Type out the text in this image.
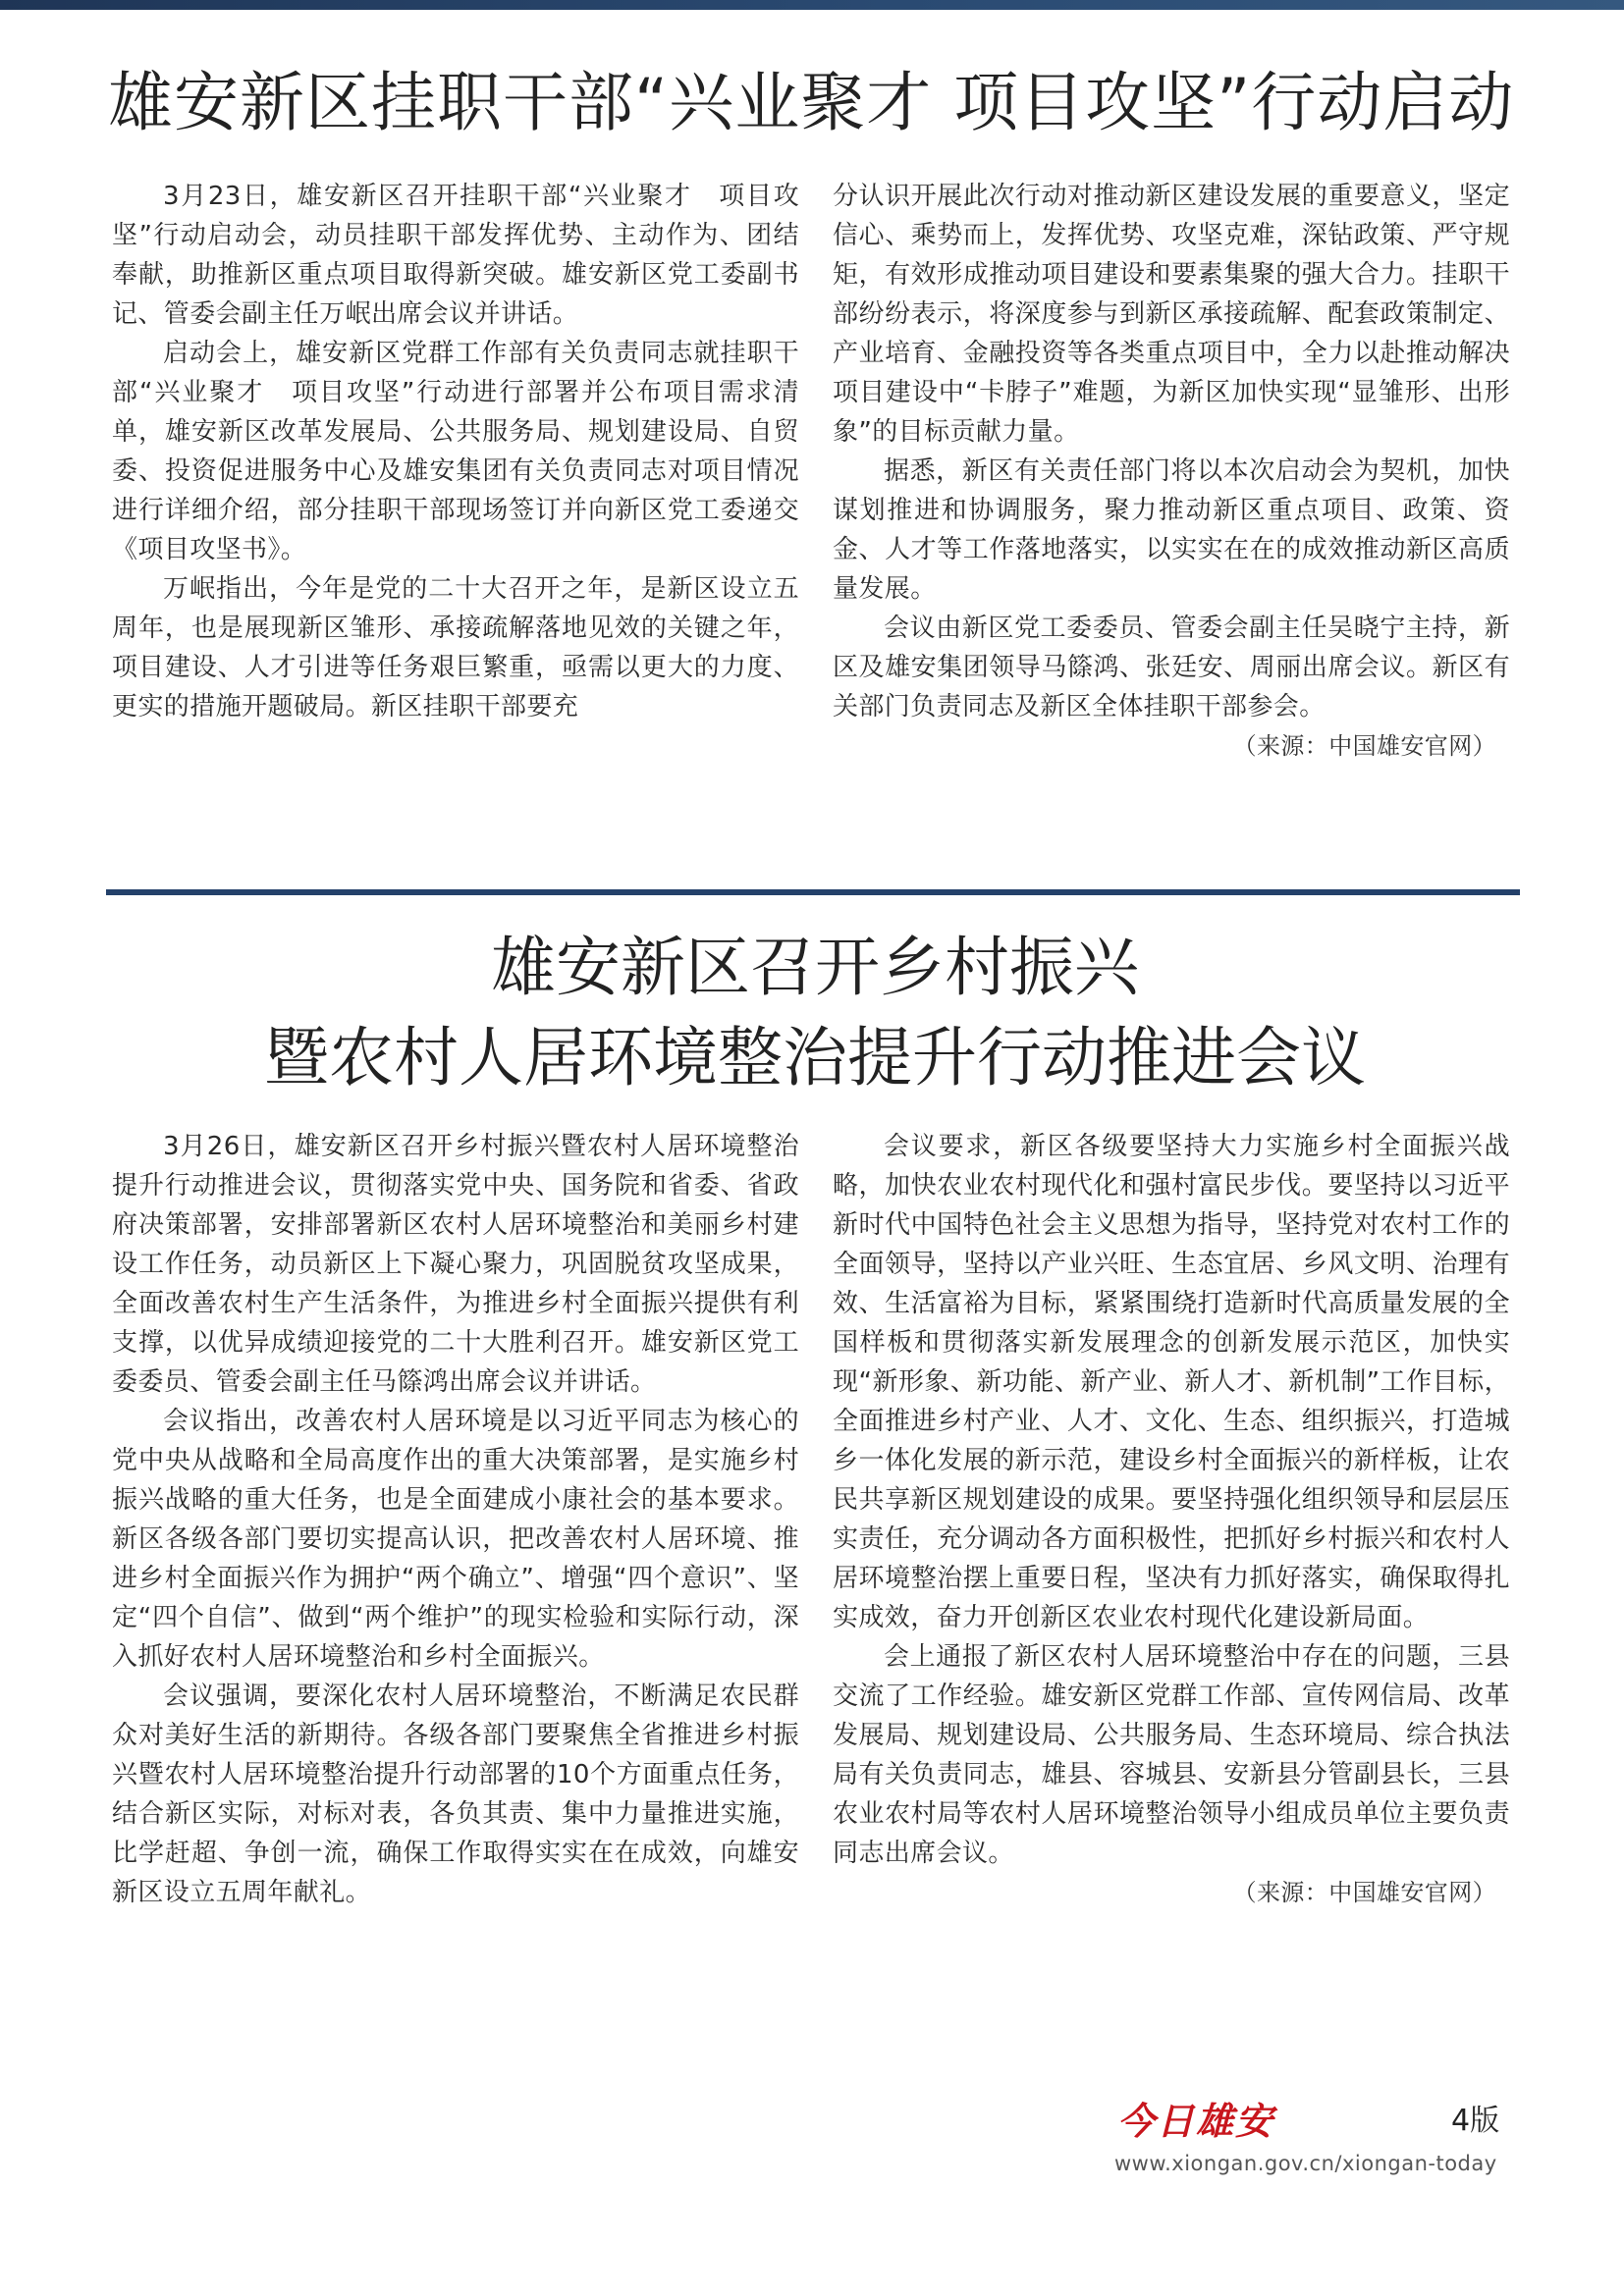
雄安新区挂职干部“兴业聚才 项目攻坚”行动启动

3月23日，雄安新区召开挂职干部“兴业聚才　项目攻坚”行动启动会，动员挂职干部发挥优势、主动作为、团结奉献，助推新区重点项目取得新突破。雄安新区党工委副书记、管委会副主任万岷出席会议并讲话。

启动会上，雄安新区党群工作部有关负责同志就挂职干部“兴业聚才　项目攻坚”行动进行部署并公布项目需求清单，雄安新区改革发展局、公共服务局、规划建设局、自贸委、投资促进服务中心及雄安集团有关负责同志对项目情况进行详细介绍，部分挂职干部现场签订并向新区党工委递交《项目攻坚书》。

万岷指出，今年是党的二十大召开之年，是新区设立五周年，也是展现新区雏形、承接疏解落地见效的关键之年，项目建设、人才引进等任务艰巨繁重，亟需以更大的力度、更实的措施开题破局。新区挂职干部要充

分认识开展此次行动对推动新区建设发展的重要意义，坚定信心、乘势而上，发挥优势、攻坚克难，深钻政策、严守规矩，有效形成推动项目建设和要素集聚的强大合力。挂职干部纷纷表示，将深度参与到新区承接疏解、配套政策制定、产业培育、金融投资等各类重点项目中，全力以赴推动解决项目建设中“卡脖子”难题，为新区加快实现“显雏形、出形象”的目标贡献力量。

据悉，新区有关责任部门将以本次启动会为契机，加快谋划推进和协调服务，聚力推动新区重点项目、政策、资金、人才等工作落地落实，以实实在在的成效推动新区高质量发展。

会议由新区党工委委员、管委会副主任吴晓宁主持，新区及雄安集团领导马篨鸿、张廷安、周丽出席会议。新区有关部门负责同志及新区全体挂职干部参会。

（来源：中国雄安官网）
雄安新区召开乡村振兴
暨农村人居环境整治提升行动推进会议

3月26日，雄安新区召开乡村振兴暨农村人居环境整治提升行动推进会议，贯彻落实党中央、国务院和省委、省政府决策部署，安排部署新区农村人居环境整治和美丽乡村建设工作任务，动员新区上下凝心聚力，巩固脱贫攻坚成果，全面改善农村生产生活条件，为推进乡村全面振兴提供有利支撑，以优异成绩迎接党的二十大胜利召开。雄安新区党工委委员、管委会副主任马篨鸿出席会议并讲话。

会议指出，改善农村人居环境是以习近平同志为核心的党中央从战略和全局高度作出的重大决策部署，是实施乡村振兴战略的重大任务，也是全面建成小康社会的基本要求。新区各级各部门要切实提高认识，把改善农村人居环境、推进乡村全面振兴作为拥护“两个确立”、增强“四个意识”、坚定“四个自信”、做到“两个维护”的现实检验和实际行动，深入抓好农村人居环境整治和乡村全面振兴。

会议强调，要深化农村人居环境整治，不断满足农民群众对美好生活的新期待。各级各部门要聚焦全省推进乡村振兴暨农村人居环境整治提升行动部署的10个方面重点任务，结合新区实际，对标对表，各负其责、集中力量推进实施，比学赶超、争创一流，确保工作取得实实在在成效，向雄安新区设立五周年献礼。

会议要求，新区各级要坚持大力实施乡村全面振兴战略，加快农业农村现代化和强村富民步伐。要坚持以习近平新时代中国特色社会主义思想为指导，坚持党对农村工作的全面领导，坚持以产业兴旺、生态宜居、乡风文明、治理有效、生活富裕为目标，紧紧围绕打造新时代高质量发展的全国样板和贯彻落实新发展理念的创新发展示范区，加快实现“新形象、新功能、新产业、新人才、新机制”工作目标，全面推进乡村产业、人才、文化、生态、组织振兴，打造城乡一体化发展的新示范，建设乡村全面振兴的新样板，让农民共享新区规划建设的成果。要坚持强化组织领导和层层压实责任，充分调动各方面积极性，把抓好乡村振兴和农村人居环境整治摆上重要日程，坚决有力抓好落实，确保取得扎实成效，奋力开创新区农业农村现代化建设新局面。

会上通报了新区农村人居环境整治中存在的问题，三县交流了工作经验。雄安新区党群工作部、宣传网信局、改革发展局、规划建设局、公共服务局、生态环境局、综合执法局有关负责同志，雄县、容城县、安新县分管副县长，三县农业农村局等农村人居环境整治领导小组成员单位主要负责同志出席会议。

（来源：中国雄安官网）
今日雄安	4版
www.xiongan.gov.cn/xiongan-today
